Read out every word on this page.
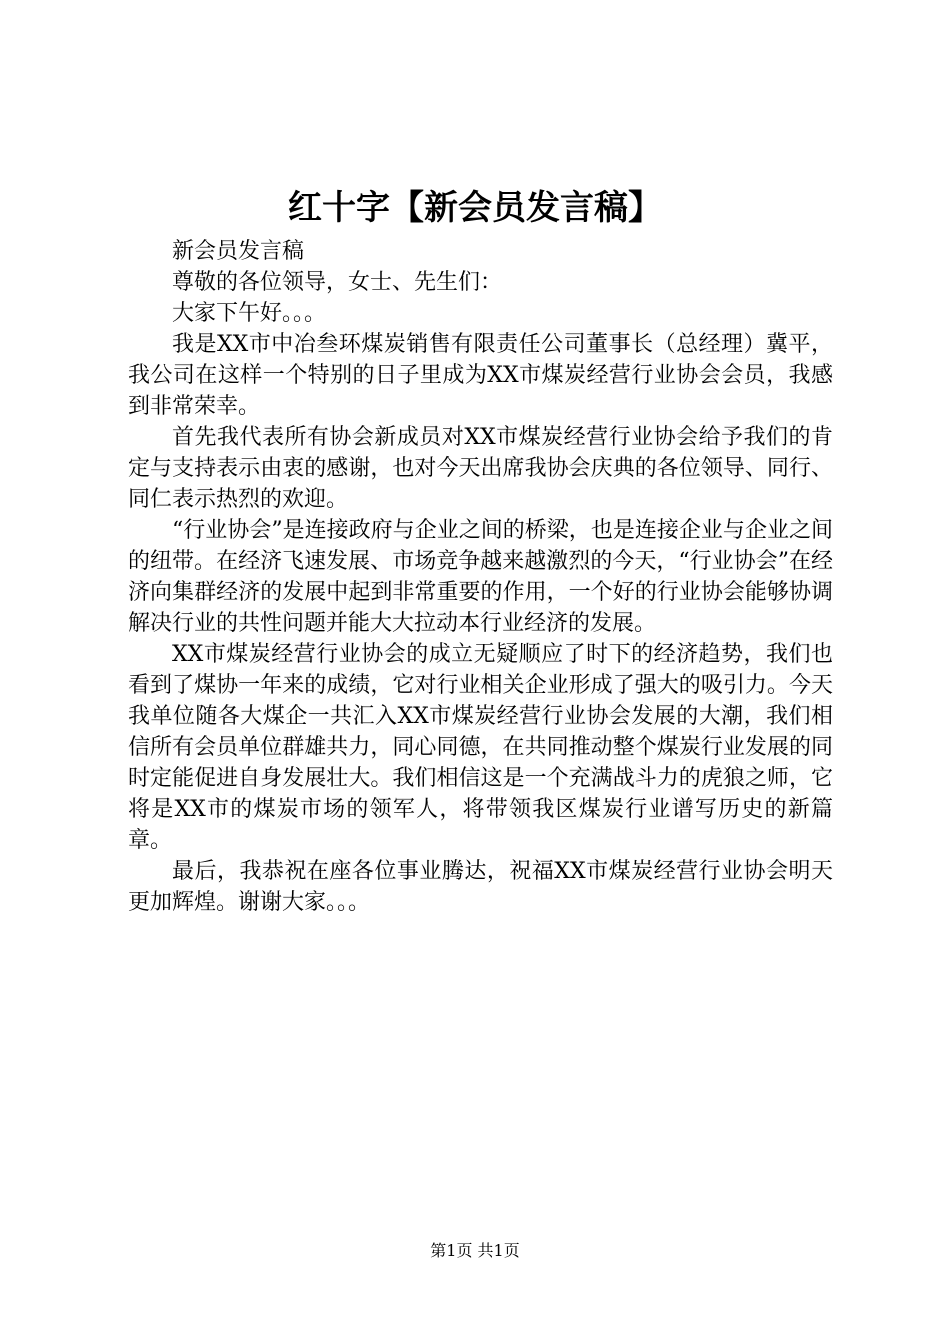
红十字【新会员发言稿】

新会员发言稿

尊敬的各位领导，女士、先生们：

大家下午好。。。

我是XX市中冶叁环煤炭销售有限责任公司董事长（总经理）冀平，我公司在这样一个特别的日子里成为XX市煤炭经营行业协会会员，我感到非常荣幸。

首先我代表所有协会新成员对XX市煤炭经营行业协会给予我们的肯定与支持表示由衷的感谢，也对今天出席我协会庆典的各位领导、同行、同仁表示热烈的欢迎。

“行业协会”是连接政府与企业之间的桥梁，也是连接企业与企业之间的纽带。在经济飞速发展、市场竞争越来越激烈的今天，“行业协会”在经济向集群经济的发展中起到非常重要的作用，一个好的行业协会能够协调解决行业的共性问题并能大大拉动本行业经济的发展。

XX市煤炭经营行业协会的成立无疑顺应了时下的经济趋势，我们也看到了煤协一年来的成绩，它对行业相关企业形成了强大的吸引力。今天我单位随各大煤企一共汇入XX市煤炭经营行业协会发展的大潮，我们相信所有会员单位群雄共力，同心同德，在共同推动整个煤炭行业发展的同时定能促进自身发展壮大。我们相信这是一个充满战斗力的虎狼之师，它将是XX市的煤炭市场的领军人，将带领我区煤炭行业谱写历史的新篇章。

最后，我恭祝在座各位事业腾达，祝福XX市煤炭经营行业协会明天更加辉煌。谢谢大家。。。

第1页 共1页
